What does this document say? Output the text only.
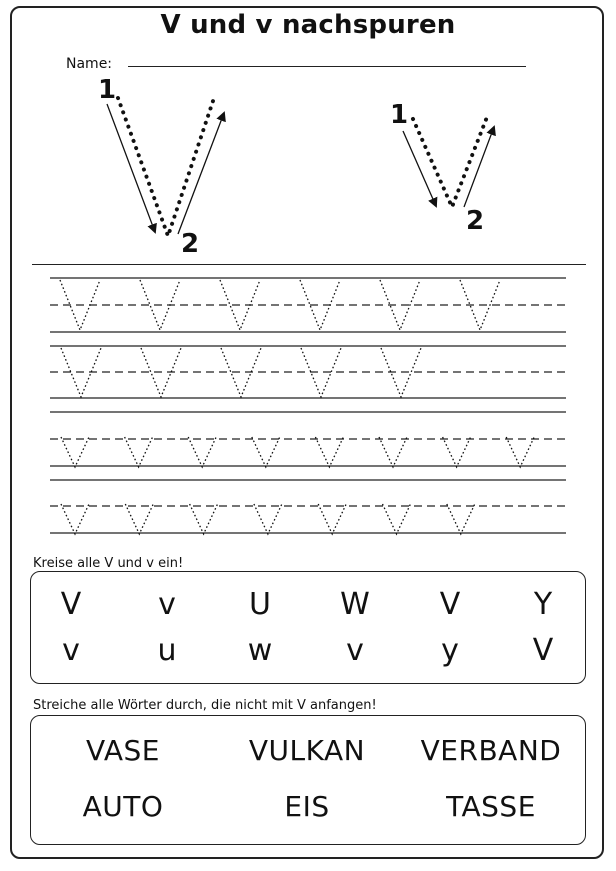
V und v nachspuren
Name:
1
2
1
2
Kreise alle V und v ein!
V	v	U	W	V	Y
v	u	w	v	y	V
Streiche alle Wörter durch, die nicht mit V anfangen!
VASE	VULKAN	VERBAND
AUTO	EIS	TASSE
